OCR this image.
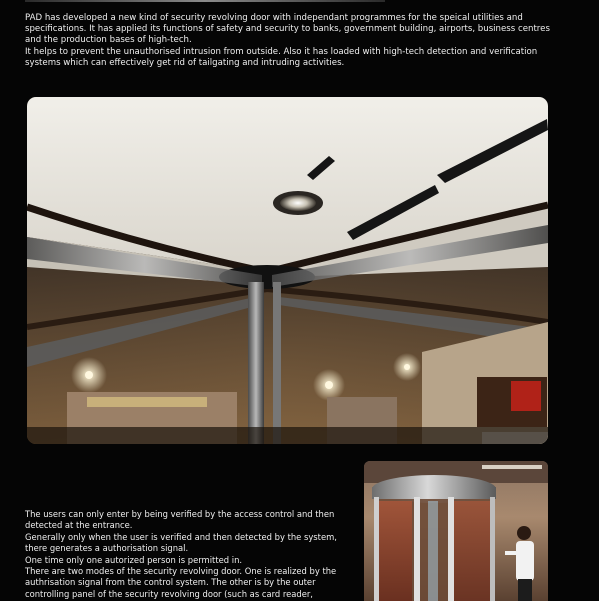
PAD has developed a new kind of security revolving door with independant programmes for the speical utilities and specifications. It has applied its functions of safety and security to banks, government building, airports, business centres and the production bases of high-tech.

It helps to prevent the unauthorised intrusion from outside. Also it has loaded with high-tech detection and verification systems which can effectively get rid of tailgating and intruding activities.

The users can only enter by being verified by the access control and then detected at the entrance.

Generally only when the user is verified and then detected by the system, there generates a authorisation signal.

One time only one autorized person is permitted in.

There are two modes of the security revolving door. One is realized by the authrisation signal from the control system. The other is by the outer controlling panel of the security revolving door (such as card reader,
